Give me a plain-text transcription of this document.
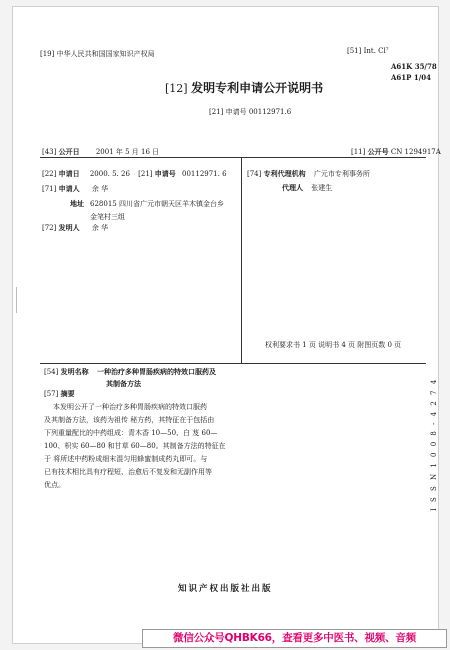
[19] 中华人民共和国国家知识产权局	[51] Int. Cl⁷
A61K 35/78
A61P 1/04
[12] 发明专利申请公开说明书
[21] 申请号 00112971.6
[43] 公开日 2001 年 5 月 16 日	[11] 公开号 CN 1294917A
[22] 申请日 2000. 5. 26 [21] 申请号 00112971. 6
[71] 申请人 余 华
地址 628015 四川省广元市朝天区羊木镇金台乡
金笔村三组
[72] 发明人 余 华
[74] 专利代理机构 广元市专利事务所
代理人 张建生
权利要求书 1 页 说明书 4 页 附图页数 0 页
[54] 发明名称 一种治疗多种胃肠疾病的特效口服药及
其制备方法
[57] 摘要
本发明公开了一种治疗多种胃肠疾病的特效口服药
及其制备方法，该药为祖传 秘方药，其特征在于包括由
下列重量配比的中药组成：青木香 10—50、白 芨 60—
100、枳实 60—80 和甘草 60—80。其制备方法的特征在
于 将所述中药粉成细末混匀用蜂蜜制成药丸即可。与
已有技术相比具有疗程短、治愈后不复发和无副作用等
优点。
知识产权出版社出版
I S S N 1 0 0 8 - 4 2 7 4
微信公众号QHBK66，查看更多中医书、视频、音频
